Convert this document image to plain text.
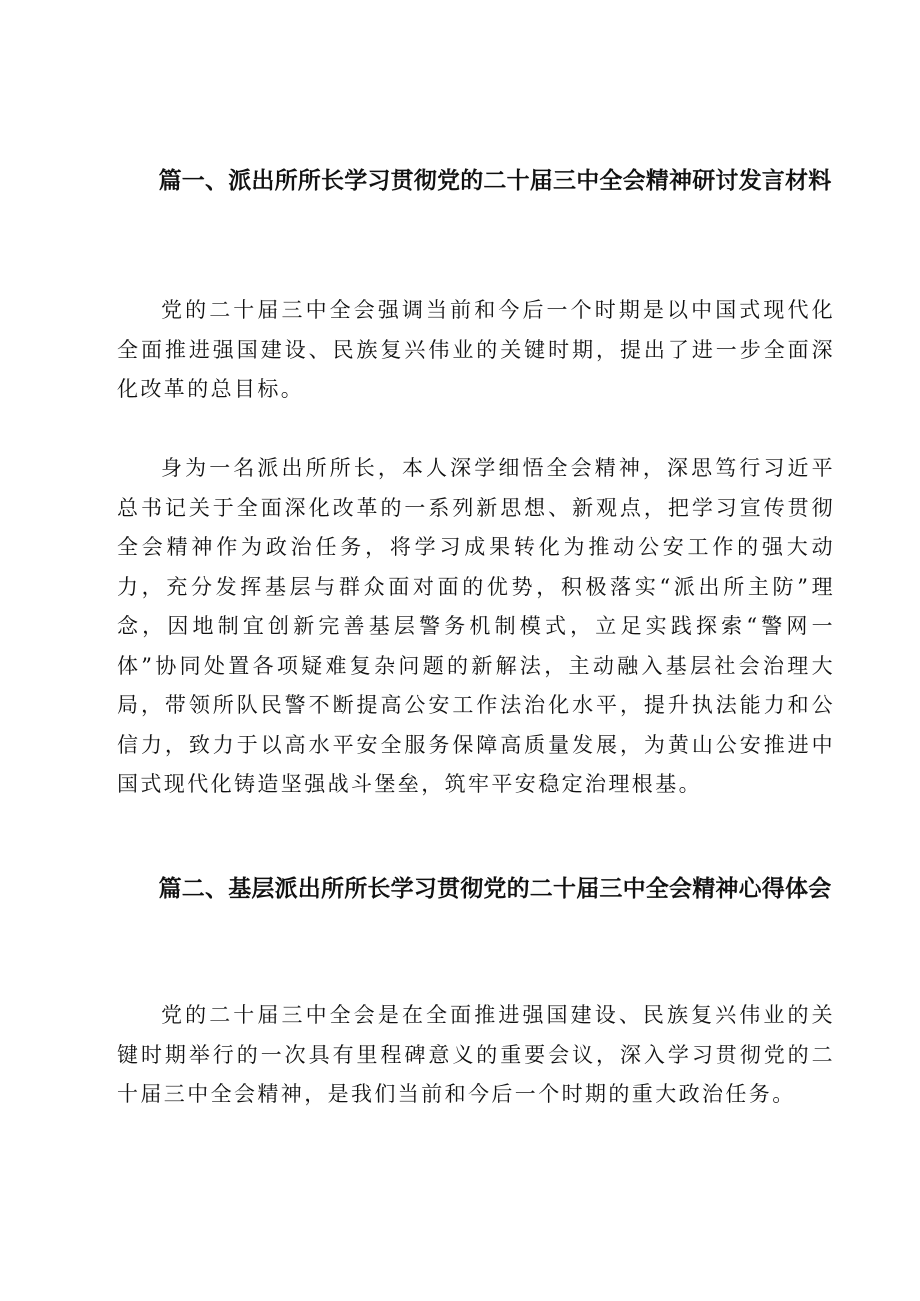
篇一、派出所所长学习贯彻党的二十届三中全会精神研讨发言材料

党的二十届三中全会强调当前和今后一个时期是以中国式现代化全面推进强国建设、民族复兴伟业的关键时期，提出了进一步全面深化改革的总目标。

身为一名派出所所长，本人深学细悟全会精神，深思笃行习近平总书记关于全面深化改革的一系列新思想、新观点，把学习宣传贯彻全会精神作为政治任务，将学习成果转化为推动公安工作的强大动力，充分发挥基层与群众面对面的优势，积极落实“派出所主防”理念，因地制宜创新完善基层警务机制模式，立足实践探索“警网一体”协同处置各项疑难复杂问题的新解法，主动融入基层社会治理大局，带领所队民警不断提高公安工作法治化水平，提升执法能力和公信力，致力于以高水平安全服务保障高质量发展，为黄山公安推进中国式现代化铸造坚强战斗堡垒，筑牢平安稳定治理根基。

篇二、基层派出所所长学习贯彻党的二十届三中全会精神心得体会

党的二十届三中全会是在全面推进强国建设、民族复兴伟业的关键时期举行的一次具有里程碑意义的重要会议，深入学习贯彻党的二十届三中全会精神，是我们当前和今后一个时期的重大政治任务。
